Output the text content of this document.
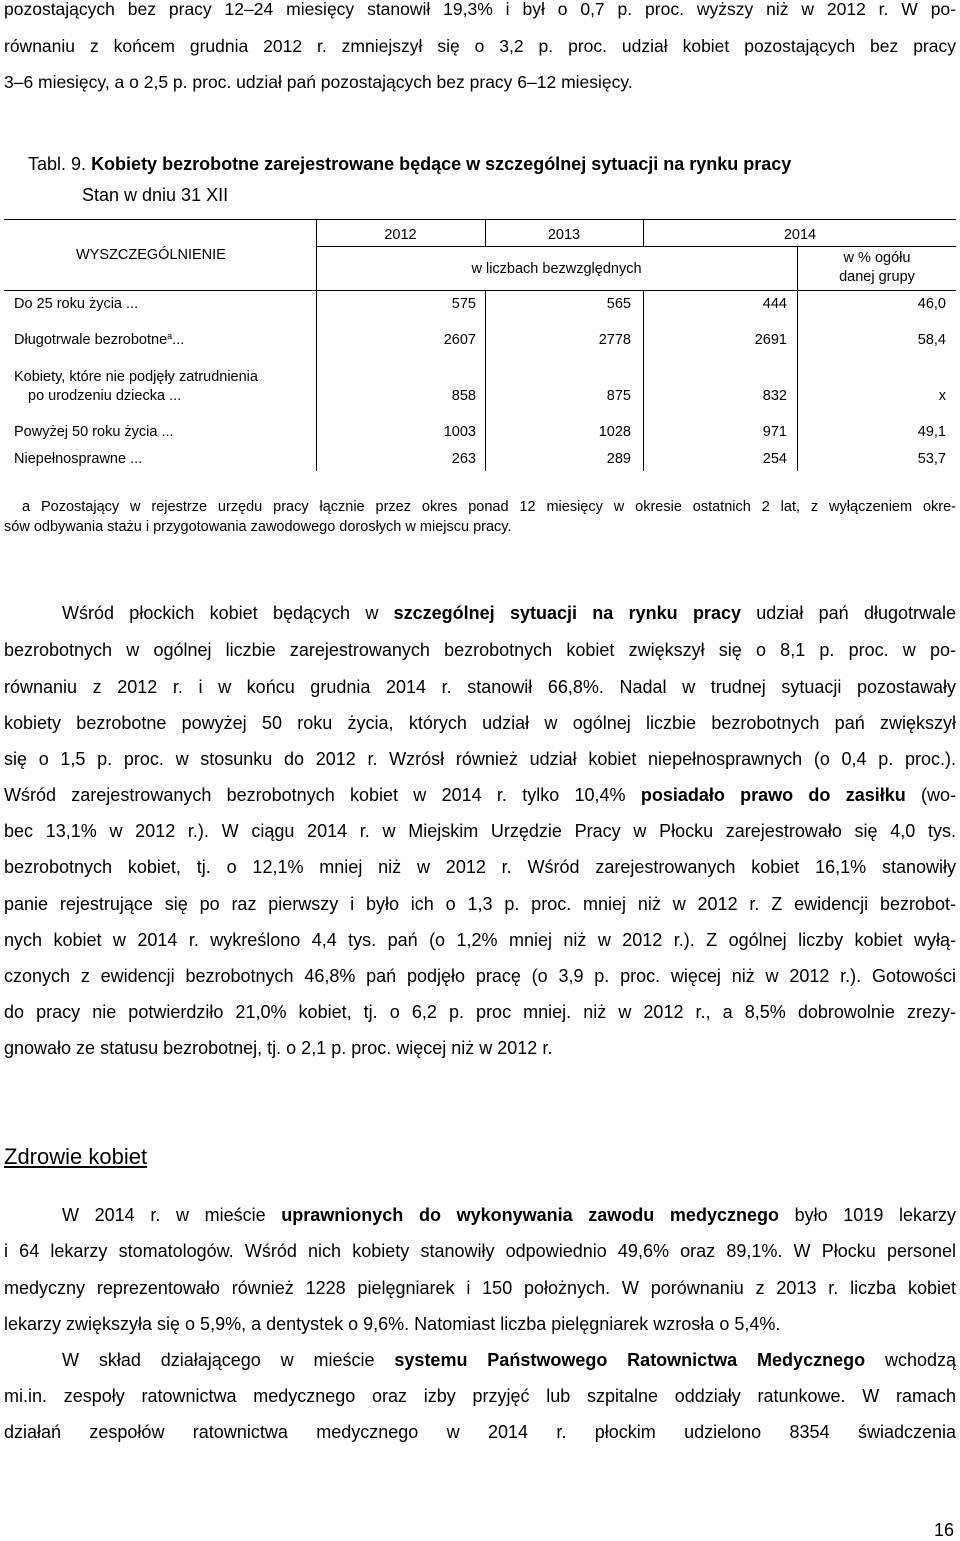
pozostających bez pracy 12–24 miesięcy stanowił 19,3% i był o 0,7 p. proc. wyższy niż w 2012 r. W po-
równaniu z końcem grudnia 2012 r. zmniejszył się o 3,2 p. proc. udział kobiet pozostających bez pracy
3–6 miesięcy, a o 2,5 p. proc. udział pań pozostających bez pracy 6–12 miesięcy.
Tabl. 9. Kobiety bezrobotne zarejestrowane będące w szczególnej sytuacji na rynku pracy
Stan w dniu 31 XII
WYSZCZEGÓLNIENIE
2012	2013	2014
w liczbach bezwzględnych
w % ogółu
danej grupy
Do 25 roku życia ...	575	565	444	46,0
Długotrwale bezrobotne$^a$...	2607	2778	2691	58,4
Kobiety, które nie podjęły zatrudnienia
po urodzeniu dziecka ...	858	875	832	x
Powyżej 50 roku życia ...	1003	1028	971	49,1
Niepełnosprawne ...	263	289	254	53,7
a Pozostający w rejestrze urzędu pracy łącznie przez okres ponad 12 miesięcy w okresie ostatnich 2 lat, z wyłączeniem okre-
sów odbywania stażu i przygotowania zawodowego dorosłych w miejscu pracy.
Wśród płockich kobiet będących w szczególnej sytuacji na rynku pracy udział pań długotrwale
bezrobotnych w ogólnej liczbie zarejestrowanych bezrobotnych kobiet zwiększył się o 8,1 p. proc. w po-
równaniu z 2012 r. i w końcu grudnia 2014 r. stanowił 66,8%. Nadal w trudnej sytuacji pozostawały
kobiety bezrobotne powyżej 50 roku życia, których udział w ogólnej liczbie bezrobotnych pań zwiększył
się o 1,5 p. proc. w stosunku do 2012 r. Wzrósł również udział kobiet niepełnosprawnych (o 0,4 p. proc.).
Wśród zarejestrowanych bezrobotnych kobiet w 2014 r. tylko 10,4% posiadało prawo do zasiłku (wo-
bec 13,1% w 2012 r.). W ciągu 2014 r. w Miejskim Urzędzie Pracy w Płocku zarejestrowało się 4,0 tys.
bezrobotnych kobiet, tj. o 12,1% mniej niż w 2012 r. Wśród zarejestrowanych kobiet 16,1% stanowiły
panie rejestrujące się po raz pierwszy i było ich o 1,3 p. proc. mniej niż w 2012 r. Z ewidencji bezrobot-
nych kobiet w 2014 r. wykreślono 4,4 tys. pań (o 1,2% mniej niż w 2012 r.). Z ogólnej liczby kobiet wyłą-
czonych z ewidencji bezrobotnych 46,8% pań podjęło pracę (o 3,9 p. proc. więcej niż w 2012 r.). Gotowości
do pracy nie potwierdziło 21,0% kobiet, tj. o 6,2 p. proc mniej. niż w 2012 r., a 8,5% dobrowolnie zrezy-
gnowało ze statusu bezrobotnej, tj. o 2,1 p. proc. więcej niż w 2012 r.
Zdrowie kobiet
W 2014 r. w mieście uprawnionych do wykonywania zawodu medycznego było 1019 lekarzy
i 64 lekarzy stomatologów. Wśród nich kobiety stanowiły odpowiednio 49,6% oraz 89,1%. W Płocku personel
medyczny reprezentowało również 1228 pielęgniarek i 150 położnych. W porównaniu z 2013 r. liczba kobiet
lekarzy zwiększyła się o 5,9%, a dentystek o 9,6%. Natomiast liczba pielęgniarek wzrosła o 5,4%.
W skład działającego w mieście systemu Państwowego Ratownictwa Medycznego wchodzą
mi.in. zespoły ratownictwa medycznego oraz izby przyjęć lub szpitalne oddziały ratunkowe. W ramach
działań zespołów ratownictwa medycznego w 2014 r. płockim udzielono 8354 świadczenia
16
